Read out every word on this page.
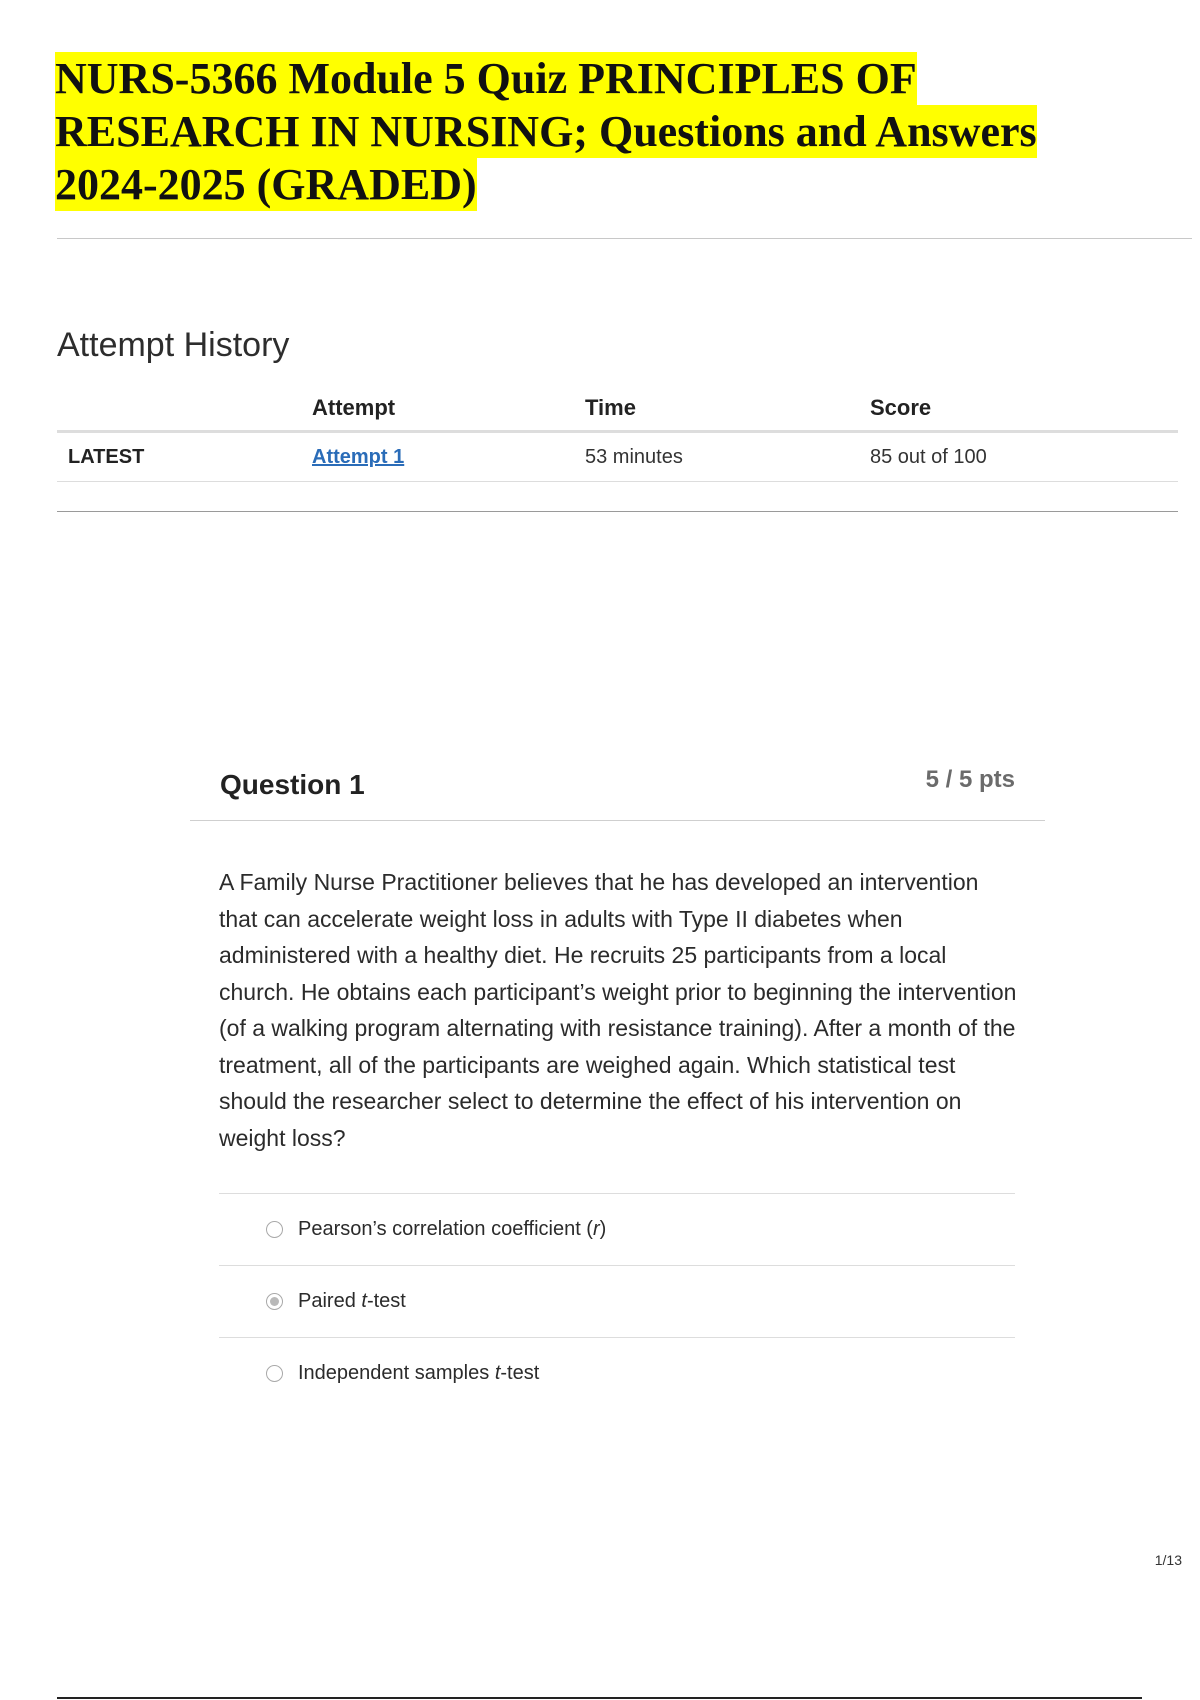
NURS-5366 Module 5 Quiz PRINCIPLES OF
RESEARCH IN NURSING; Questions and Answers
2024-2025 (GRADED)
Attempt History
	Attempt	Time	Score
LATEST	Attempt 1	53 minutes	85 out of 100
Question 1	5 / 5 pts

A Family Nurse Practitioner believes that he has developed an intervention that can accelerate weight loss in adults with Type II diabetes when administered with a healthy diet. He recruits 25 participants from a local church. He obtains each participant’s weight prior to beginning the intervention (of a walking program alternating with resistance training). After a month of the treatment, all of the participants are weighed again. Which statistical test should the researcher select to determine the effect of his intervention on weight loss?

Pearson’s correlation coefficient (r)
Paired t-test
Independent samples t-test
1/13
